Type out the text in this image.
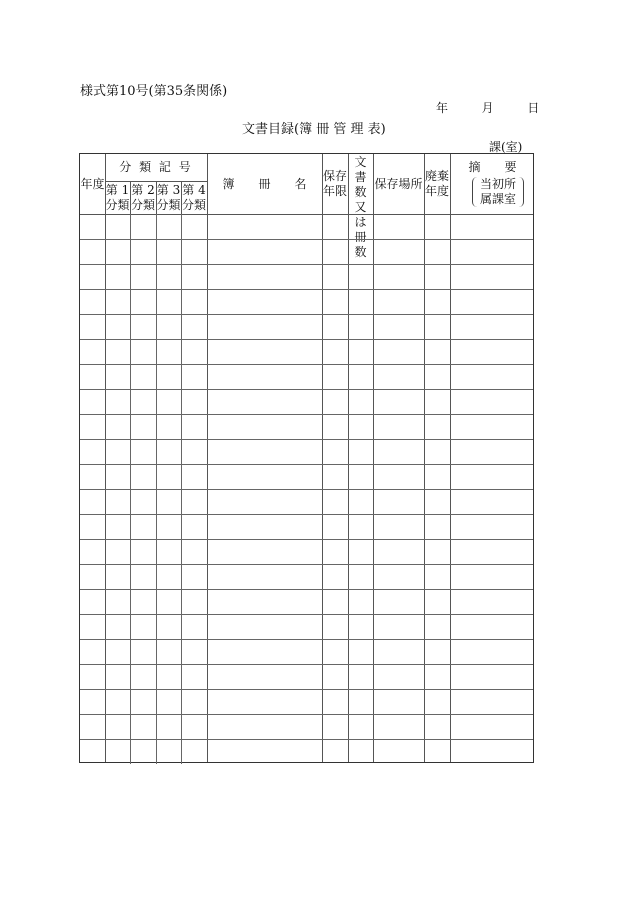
様式第10号(第35条関係)
年	月	日
文書目録(簿 冊 管 理 表)
課(室)
年度
分 類 記 号
第 1
分類
第 2
分類
第 3
分類
第 4
分類
簿　　冊　　名
保存
年限
文 書
数 又
は 冊
数
保存場所
廃棄
年度
摘　　要
当初所
属課室
